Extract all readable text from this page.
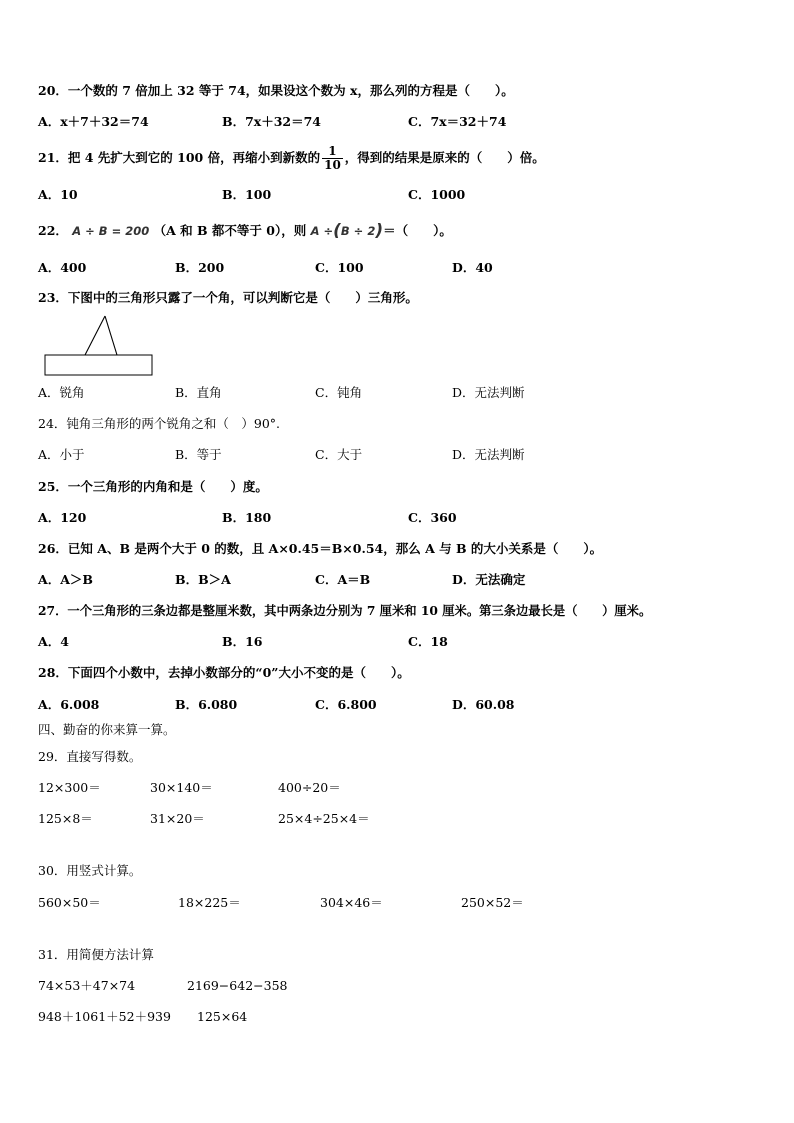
20．一个数的 7 倍加上 32 等于 74，如果设这个数为 x，那么列的方程是（　　）。
A．x＋7＋32＝74	B．7x＋32＝74	C．7x＝32＋74
21．把 4 先扩大到它的 100 倍，再缩小到新数的 $\frac{1}{10}$ ，得到的结果是原来的（　　）倍。
A．10	B．100	C．1000
22． A ÷ B = 200 （A 和 B 都不等于 0），则 A ÷(B ÷ 2)＝（　　）。
A．400	B．200	C．100	D．40
23．下图中的三角形只露了一个角，可以判断它是（　　）三角形。
A．锐角	B．直角	C．钝角	D．无法判断
24．钝角三角形的两个锐角之和（　）90°.
A．小于	B．等于	C．大于	D．无法判断
25．一个三角形的内角和是（　　）度。
A．120	B．180	C．360
26．已知 A、B 是两个大于 0 的数，且 A×0.45＝B×0.54，那么 A 与 B 的大小关系是（　　）。
A．A＞B	B．B＞A	C．A＝B	D．无法确定
27．一个三角形的三条边都是整厘米数，其中两条边分别为 7 厘米和 10 厘米。第三条边最长是（　　）厘米。
A．4	B．16	C．18
28．下面四个小数中，去掉小数部分的“0”大小不变的是（　　）。
A．6.008	B．6.080	C．6.800	D．60.08
四、勤奋的你来算一算。
29．直接写得数。
12×300＝	30×140＝	400÷20＝
125×8＝	31×20＝	25×4÷25×4＝
30．用竖式计算。
560×50＝	18×225＝	304×46＝	250×52＝
31．用简便方法计算
74×53＋47×74	2169−642−358
948＋1061＋52＋939 125×64
